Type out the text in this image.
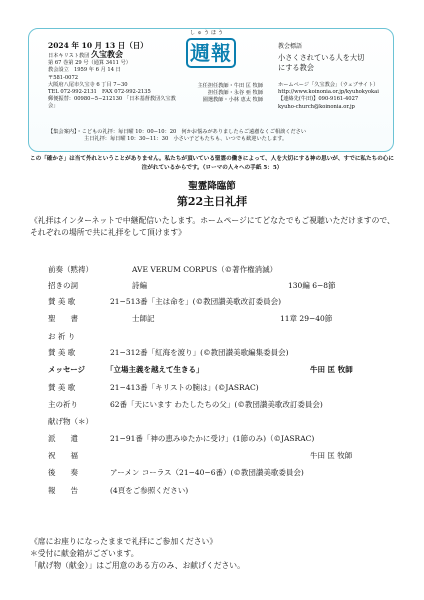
2024 年 10 月 13 日（日）
しゅうほう
週報
日本キリスト教団 久宝教会
第 67 巻第 29 号（通算 3411 号）
教会設立　1959 年 6 月 14 日
〒581-0072
大阪府八尾市久宝寺 6 丁目 7−30
TEL 072-992-2131　FAX 072-992-2135
郵便振替：00980−5−212130 「日本基督教団久宝教会」
主任担任教師・牛田 匡 牧師
担任教師・永谷 亜 牧師
園選教師・小林 恵太 牧師
教会標語
小さくされている人を大切にする教会
ホームページ「久宝教会」（ウェブサイト）
http://www.koinonia.or.jp/kyuhokyokai
【連絡先(牛田)】090-9161-4027
kyuho-church@koinonia.or.jp
【集会案内】・こどもの礼拝：毎日曜 10：00−10：20　何かお悩みがありましたらご遠慮なくご相談ください
主日礼拝：毎日曜 10：30−11：30　小さい子どもたちも、いつでも歓迎いたします。
この「確かさ」は当て外れということがありません。私たちが頂いている聖霊の働きによって、人を大切にする神の思いが、すでに私たちの心に注がれているからです。（ローマの人々への手紙 5：5）
聖霊降臨節
第22主日礼拝
《礼拝はインターネットで中継配信いたします。ホームページにてどなたでもご視聴いただけますので、それぞれの場所で共に礼拝をして頂けます》
前奏（黙祷）	AVE VERUM CORPUS（©著作権消滅）
招きの詞	詩編	130編 6−8節
賛 美 歌	21−513番「主は命を」(©教団讃美歌改訂委員会)
聖　　書	士師記	11章 29−40節
お 祈 り
賛 美 歌	21−312番「紅海を渡り」(©教団讃美歌編集委員会)
メッセージ	「立場主義を越えて生きる」	牛田 匡 牧師
賛 美 歌	21−413番「キリストの腕は」(©JASRAC)
主の祈り	62番「天にいます わたしたちの父」(©教団讃美歌改訂委員会)
献げ物（＊）
派　　遣	21−91番「神の恵みゆたかに受け」(1節のみ)（©JASRAC)
祝　　福	牛田 匡 牧師
後　　奏	アーメン コーラス（21−40−6番）(©教団讃美歌委員会)
報　　告	(4頁をご参照ください)
《席にお座りになったままで礼拝にご参加ください》
＊受付に献金箱がございます。
「献げ物（献金）」はご用意のある方のみ、お献げください。
